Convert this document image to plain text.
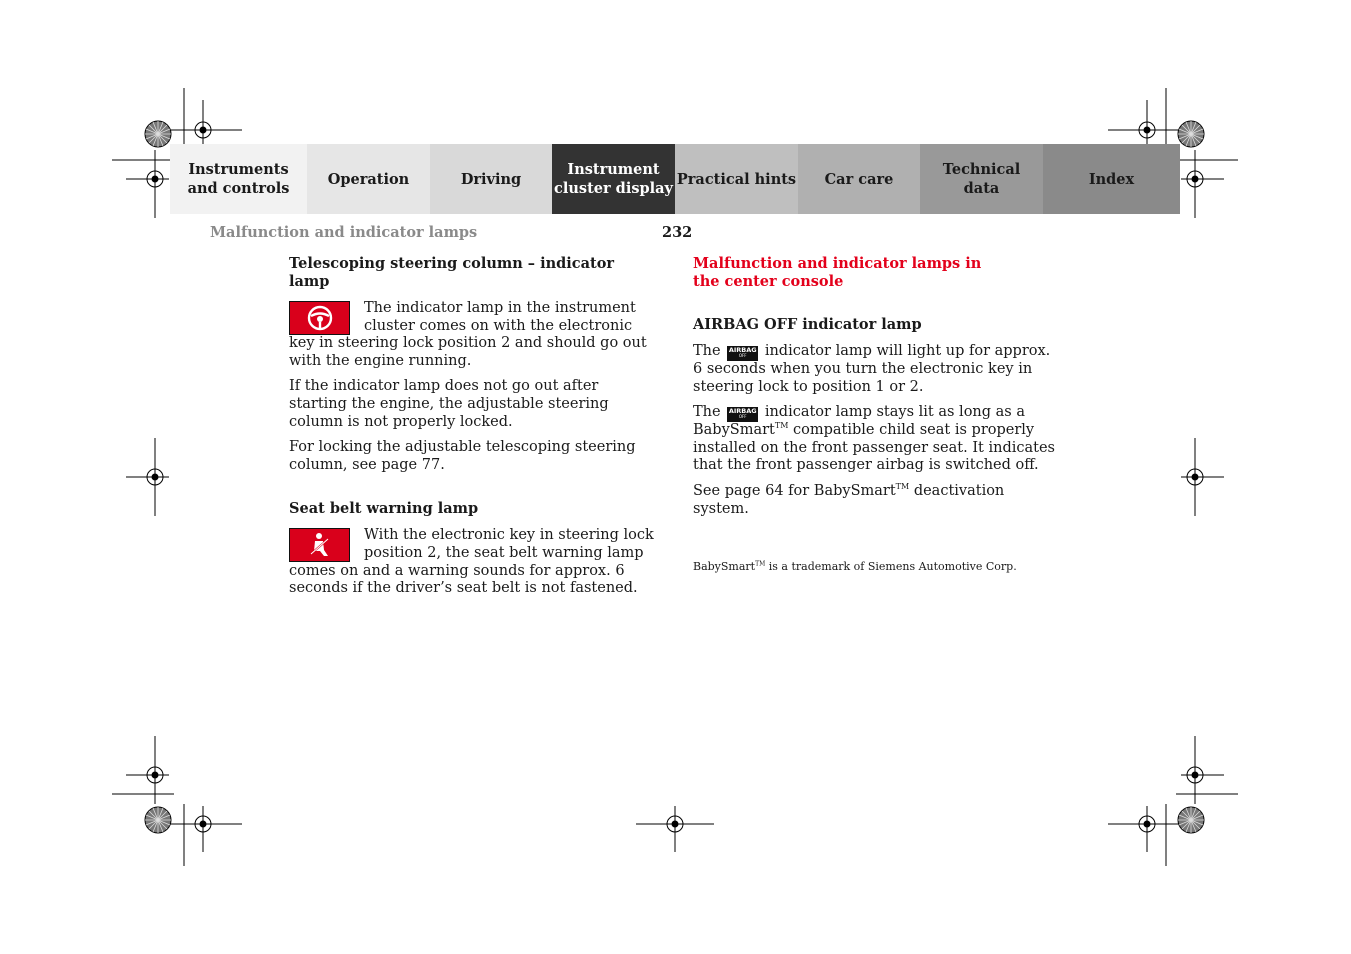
Instruments
and controls
Operation	Driving
Instrument
cluster display
Practical hints	Car care
Technical
data
Index
Malfunction and indicator lamps	232
Telescoping steering column – indicator lamp

The indicator lamp in the instrument cluster comes on with the electronic key in steering lock position 2 and should go out with the engine running.

If the indicator lamp does not go out after starting the engine, the adjustable steering column is not properly locked.

For locking the adjustable telescoping steering column, see page 77.

Seat belt warning lamp

With the electronic key in steering lock position 2, the seat belt warning lamp comes on and a warning sounds for approx. 6 seconds if the driver’s seat belt is not fastened.

Malfunction and indicator lamps in the center console
AIRBAG OFF indicator lamp

The AIRBAG
OFF	indicator lamp will light up for approx. 6 seconds when you turn the electronic key in steering lock to position 1 or 2.

The AIRBAG
OFF	indicator lamp stays lit as long as a BabySmart™ compatible child seat is properly installed on the front passenger seat. It indicates that the front passenger airbag is switched off.

See page 64 for BabySmart™ deactivation system.

BabySmart™ is a trademark of Siemens Automotive Corp.
